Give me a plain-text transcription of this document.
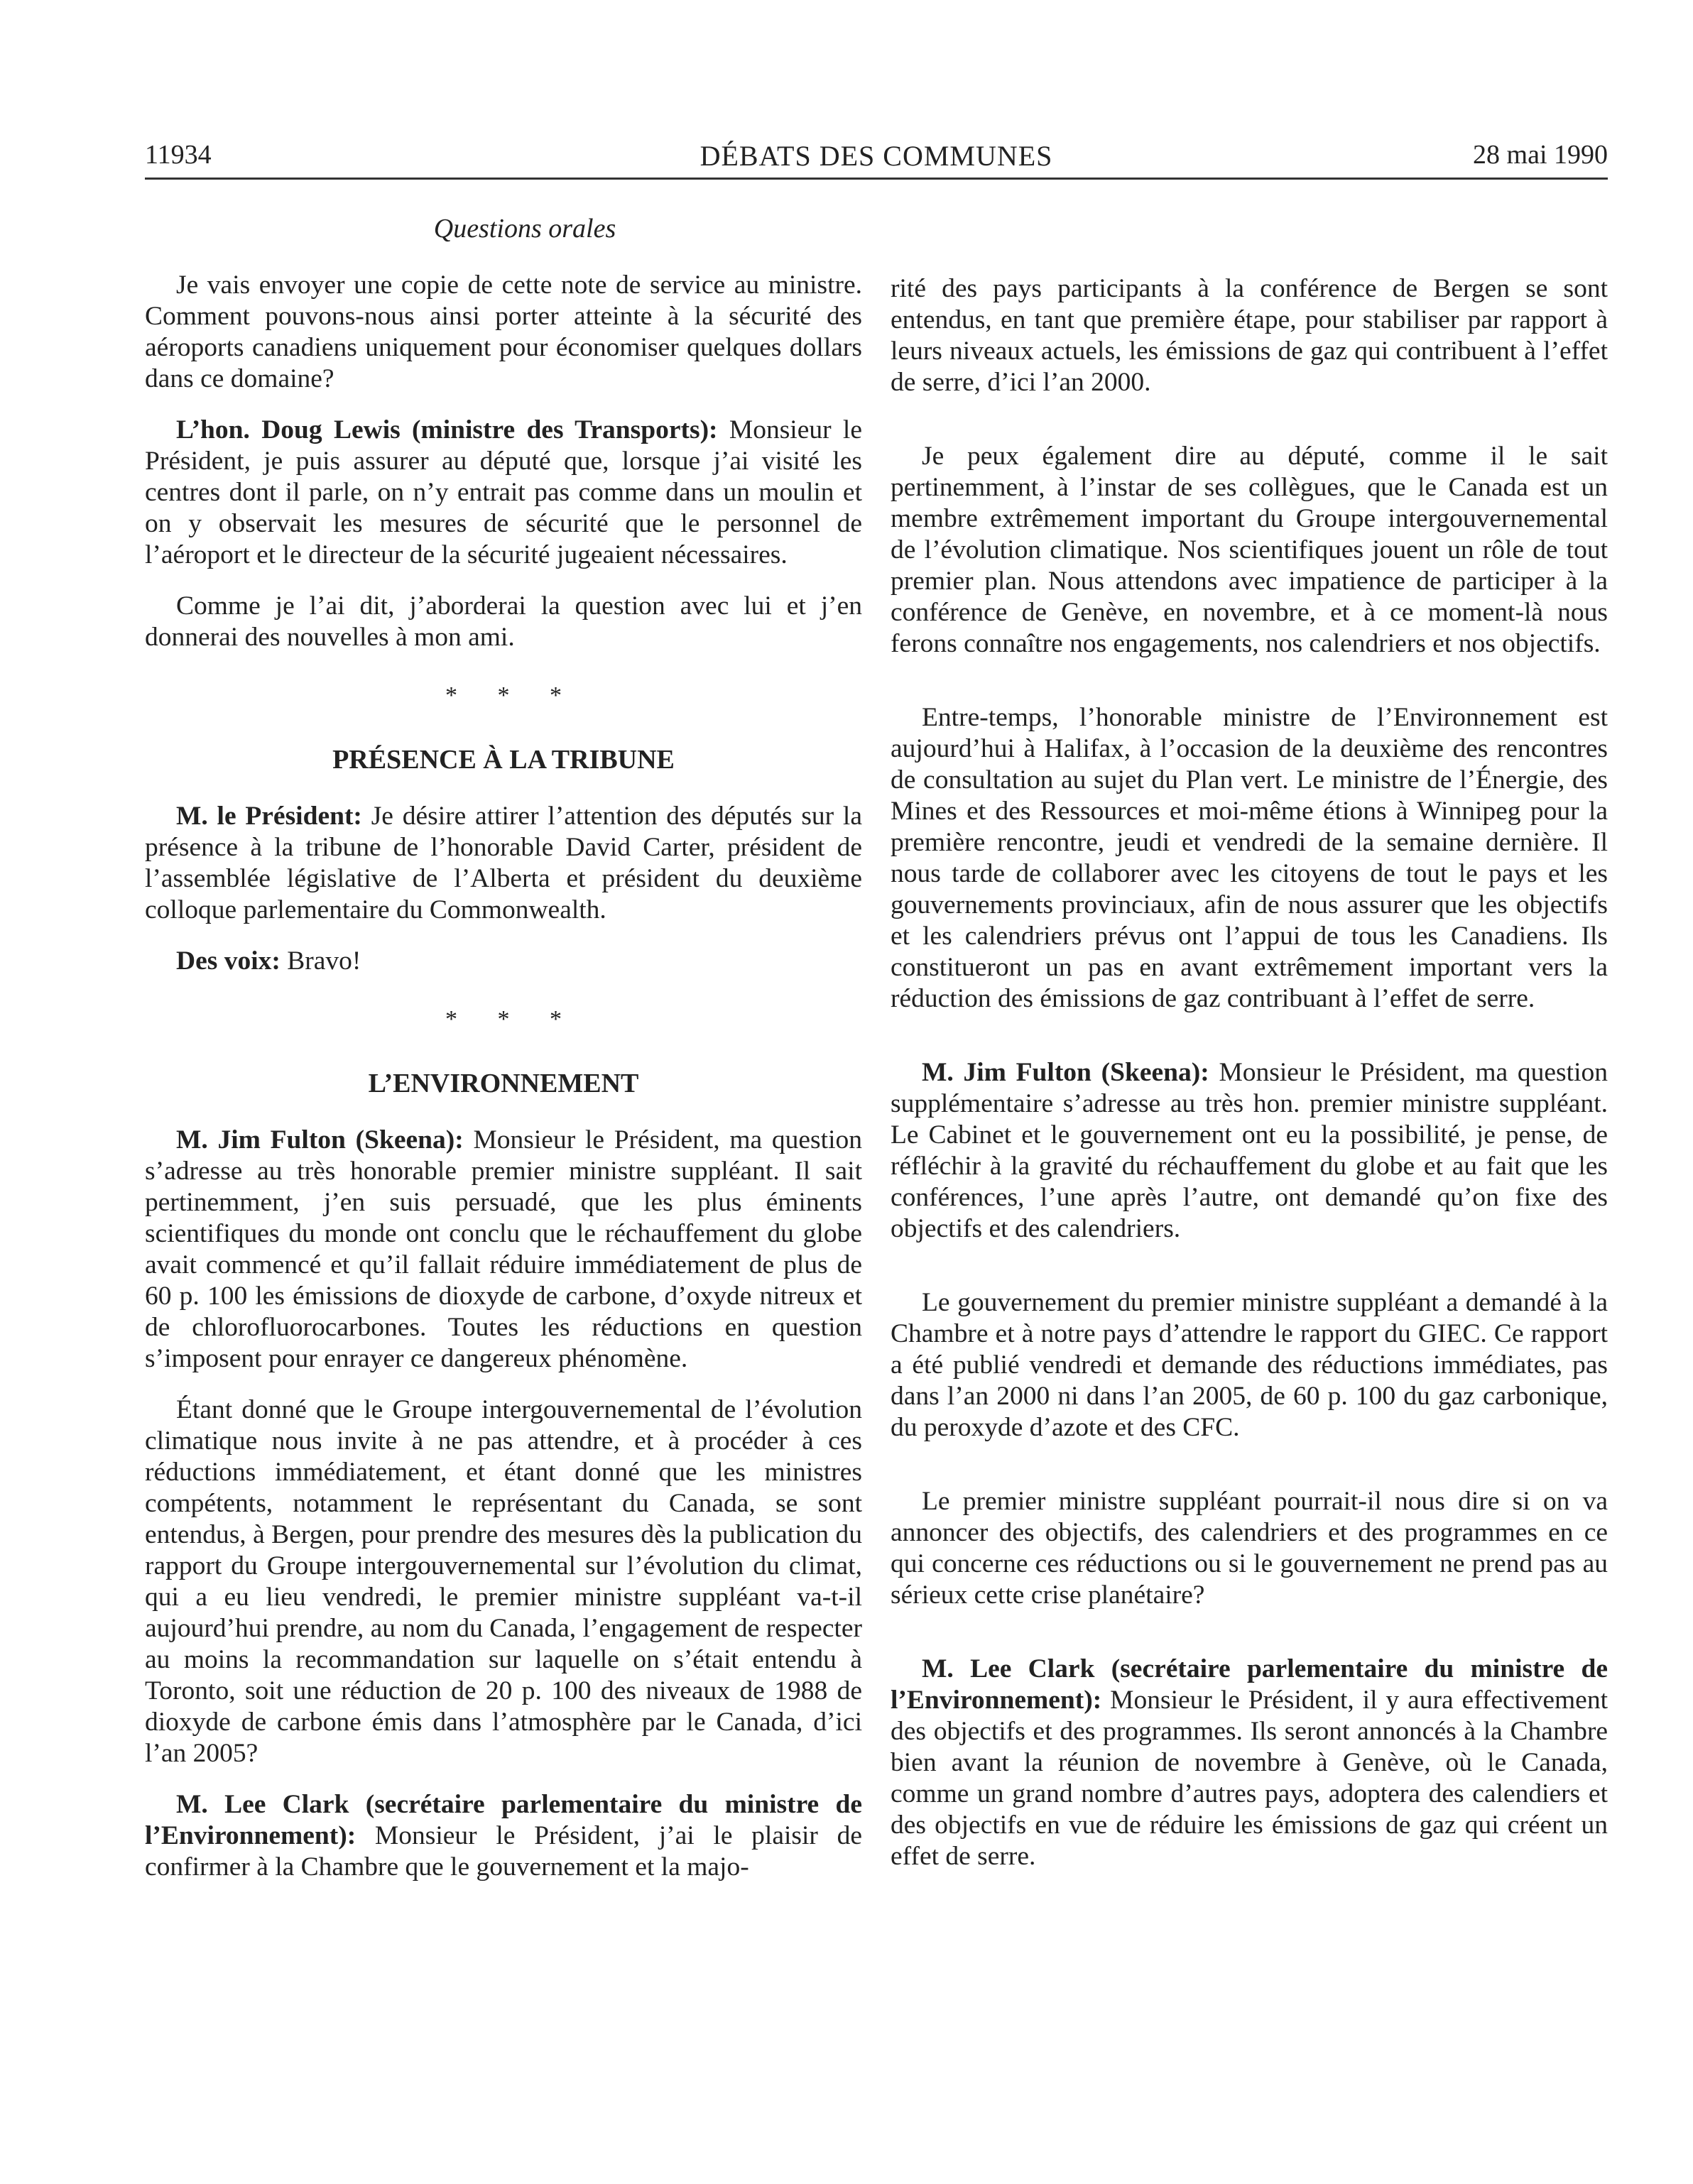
11934	DÉBATS DES COMMUNES	28 mai 1990
Questions orales

Je vais envoyer une copie de cette note de service au ministre. Comment pouvons-nous ainsi porter atteinte à la sécurité des aéroports canadiens uniquement pour économiser quelques dollars dans ce domaine?

L’hon. Doug Lewis (ministre des Transports): Monsieur le Président, je puis assurer au député que, lorsque j’ai visité les centres dont il parle, on n’y entrait pas comme dans un moulin et on y observait les mesures de sécurité que le personnel de l’aéroport et le directeur de la sécurité jugeaient nécessaires.

Comme je l’ai dit, j’aborderai la question avec lui et j’en donnerai des nouvelles à mon ami.

* * *
PRÉSENCE À LA TRIBUNE

M. le Président: Je désire attirer l’attention des députés sur la présence à la tribune de l’honorable David Carter, président de l’assemblée législative de l’Alberta et président du deuxième colloque parlementaire du Commonwealth.

Des voix: Bravo!

* * *
L’ENVIRONNEMENT

M. Jim Fulton (Skeena): Monsieur le Président, ma question s’adresse au très honorable premier ministre suppléant. Il sait pertinemment, j’en suis persuadé, que les plus éminents scientifiques du monde ont conclu que le réchauffement du globe avait commencé et qu’il fallait réduire immédiatement de plus de 60 p. 100 les émissions de dioxyde de carbone, d’oxyde nitreux et de chlorofluorocarbones. Toutes les réductions en question s’imposent pour enrayer ce dangereux phénomène.

Étant donné que le Groupe intergouvernemental de l’évolution climatique nous invite à ne pas attendre, et à procéder à ces réductions immédiatement, et étant donné que les ministres compétents, notamment le représentant du Canada, se sont entendus, à Bergen, pour prendre des mesures dès la publication du rapport du Groupe intergouvernemental sur l’évolution du climat, qui a eu lieu vendredi, le premier ministre suppléant va-t-il aujourd’hui prendre, au nom du Canada, l’engagement de respecter au moins la recommandation sur laquelle on s’était entendu à Toronto, soit une réduction de 20 p. 100 des niveaux de 1988 de dioxyde de carbone émis dans l’atmosphère par le Canada, d’ici l’an 2005?

M. Lee Clark (secrétaire parlementaire du ministre de l’Environnement): Monsieur le Président, j’ai le plaisir de confirmer à la Chambre que le gouvernement et la majo-

rité des pays participants à la conférence de Bergen se sont entendus, en tant que première étape, pour stabiliser par rapport à leurs niveaux actuels, les émissions de gaz qui contribuent à l’effet de serre, d’ici l’an 2000.

Je peux également dire au député, comme il le sait pertinemment, à l’instar de ses collègues, que le Canada est un membre extrêmement important du Groupe intergouvernemental de l’évolution climatique. Nos scientifiques jouent un rôle de tout premier plan. Nous attendons avec impatience de participer à la conférence de Genève, en novembre, et à ce moment-là nous ferons connaître nos engagements, nos calendriers et nos objectifs.

Entre-temps, l’honorable ministre de l’Environnement est aujourd’hui à Halifax, à l’occasion de la deuxième des rencontres de consultation au sujet du Plan vert. Le ministre de l’Énergie, des Mines et des Ressources et moi-même étions à Winnipeg pour la première rencontre, jeudi et vendredi de la semaine dernière. Il nous tarde de collaborer avec les citoyens de tout le pays et les gouvernements provinciaux, afin de nous assurer que les objectifs et les calendriers prévus ont l’appui de tous les Canadiens. Ils constitueront un pas en avant extrêmement important vers la réduction des émissions de gaz contribuant à l’effet de serre.

M. Jim Fulton (Skeena): Monsieur le Président, ma question supplémentaire s’adresse au très hon. premier ministre suppléant. Le Cabinet et le gouvernement ont eu la possibilité, je pense, de réfléchir à la gravité du réchauffement du globe et au fait que les conférences, l’une après l’autre, ont demandé qu’on fixe des objectifs et des calendriers.

Le gouvernement du premier ministre suppléant a demandé à la Chambre et à notre pays d’attendre le rapport du GIEC. Ce rapport a été publié vendredi et demande des réductions immédiates, pas dans l’an 2000 ni dans l’an 2005, de 60 p. 100 du gaz carbonique, du peroxyde d’azote et des CFC.

Le premier ministre suppléant pourrait-il nous dire si on va annoncer des objectifs, des calendriers et des programmes en ce qui concerne ces réductions ou si le gouvernement ne prend pas au sérieux cette crise planétaire?

M. Lee Clark (secrétaire parlementaire du ministre de l’Environnement): Monsieur le Président, il y aura effectivement des objectifs et des programmes. Ils seront annoncés à la Chambre bien avant la réunion de novembre à Genève, où le Canada, comme un grand nombre d’autres pays, adoptera des calendiers et des objectifs en vue de réduire les émissions de gaz qui créent un effet de serre.
